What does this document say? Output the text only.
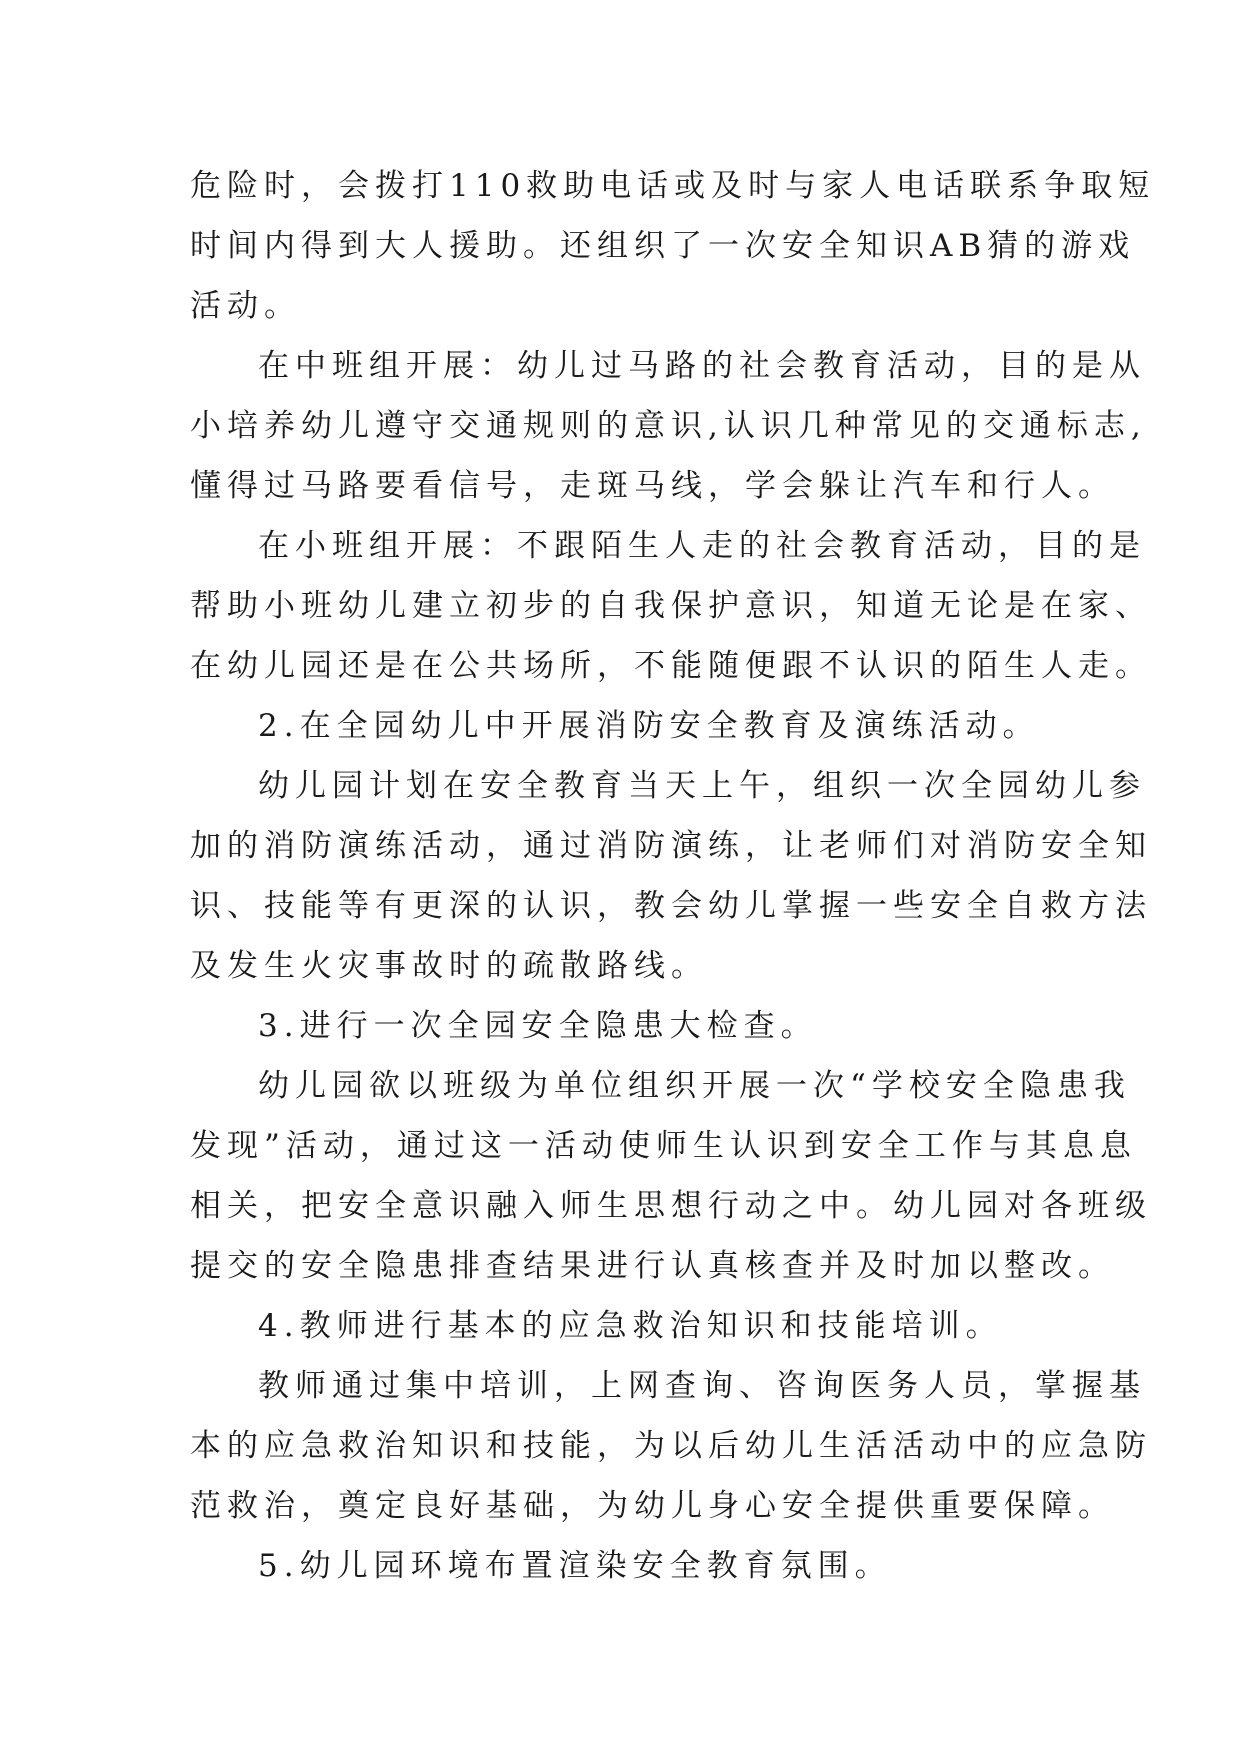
危险时，会拨打110救助电话或及时与家人电话联系争取短
时间内得到大人援助。还组织了一次安全知识AB猜的游戏
活动。
在中班组开展：幼儿过马路的社会教育活动，目的是从
小培养幼儿遵守交通规则的意识,认识几种常见的交通标志,
懂得过马路要看信号，走斑马线，学会躲让汽车和行人。
在小班组开展：不跟陌生人走的社会教育活动，目的是
帮助小班幼儿建立初步的自我保护意识，知道无论是在家、
在幼儿园还是在公共场所，不能随便跟不认识的陌生人走。
2.在全园幼儿中开展消防安全教育及演练活动。
幼儿园计划在安全教育当天上午，组织一次全园幼儿参
加的消防演练活动，通过消防演练，让老师们对消防安全知
识、技能等有更深的认识，教会幼儿掌握一些安全自救方法
及发生火灾事故时的疏散路线。
3.进行一次全园安全隐患大检查。
幼儿园欲以班级为单位组织开展一次“学校安全隐患我
发现”活动，通过这一活动使师生认识到安全工作与其息息
相关，把安全意识融入师生思想行动之中。幼儿园对各班级
提交的安全隐患排查结果进行认真核查并及时加以整改。
4.教师进行基本的应急救治知识和技能培训。
教师通过集中培训，上网查询、咨询医务人员，掌握基
本的应急救治知识和技能，为以后幼儿生活活动中的应急防
范救治，奠定良好基础，为幼儿身心安全提供重要保障。
5.幼儿园环境布置渲染安全教育氛围。
